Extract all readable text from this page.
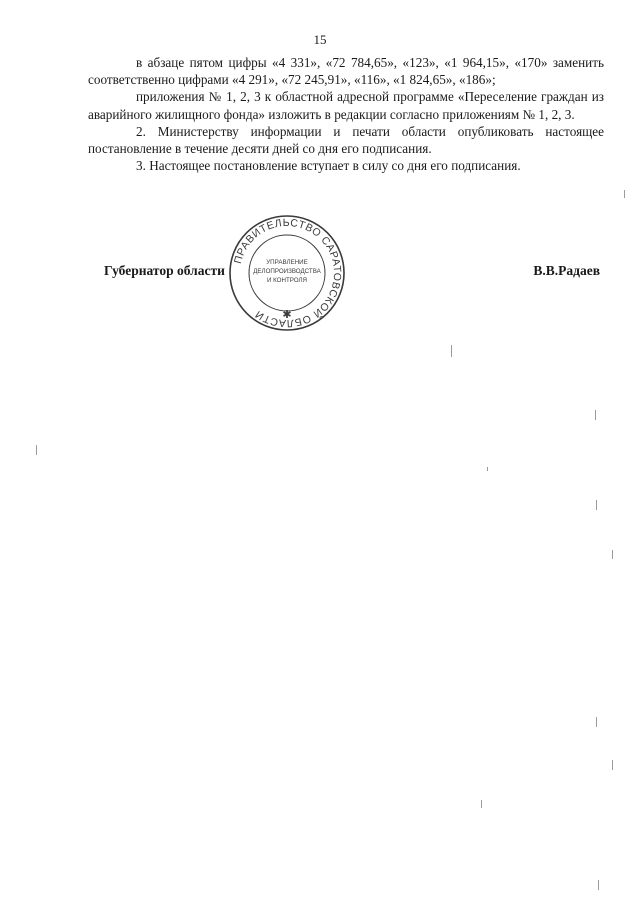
15

в абзаце пятом цифры «4 331», «72 784,65», «123», «1 964,15», «170» заменить соответственно цифрами «4 291», «72 245,91», «116», «1 824,65», «186»;

приложения № 1, 2, 3 к областной адресной программе «Переселение граждан из аварийного жилищного фонда» изложить в редакции согласно приложениям № 1, 2, 3.

2. Министерству информации и печати области опубликовать настоящее постановление в течение десяти дней со дня его подписания.

3. Настоящее постановление вступает в силу со дня его подписания.

Губернатор области	В.В.Радаев
ПРАВИТЕЛЬСТВО САРАТОВСКОЙ ОБЛАСТИ
УПРАВЛЕНИЕ
ДЕЛОПРОИЗВОДСТВА
И КОНТРОЛЯ
✱
